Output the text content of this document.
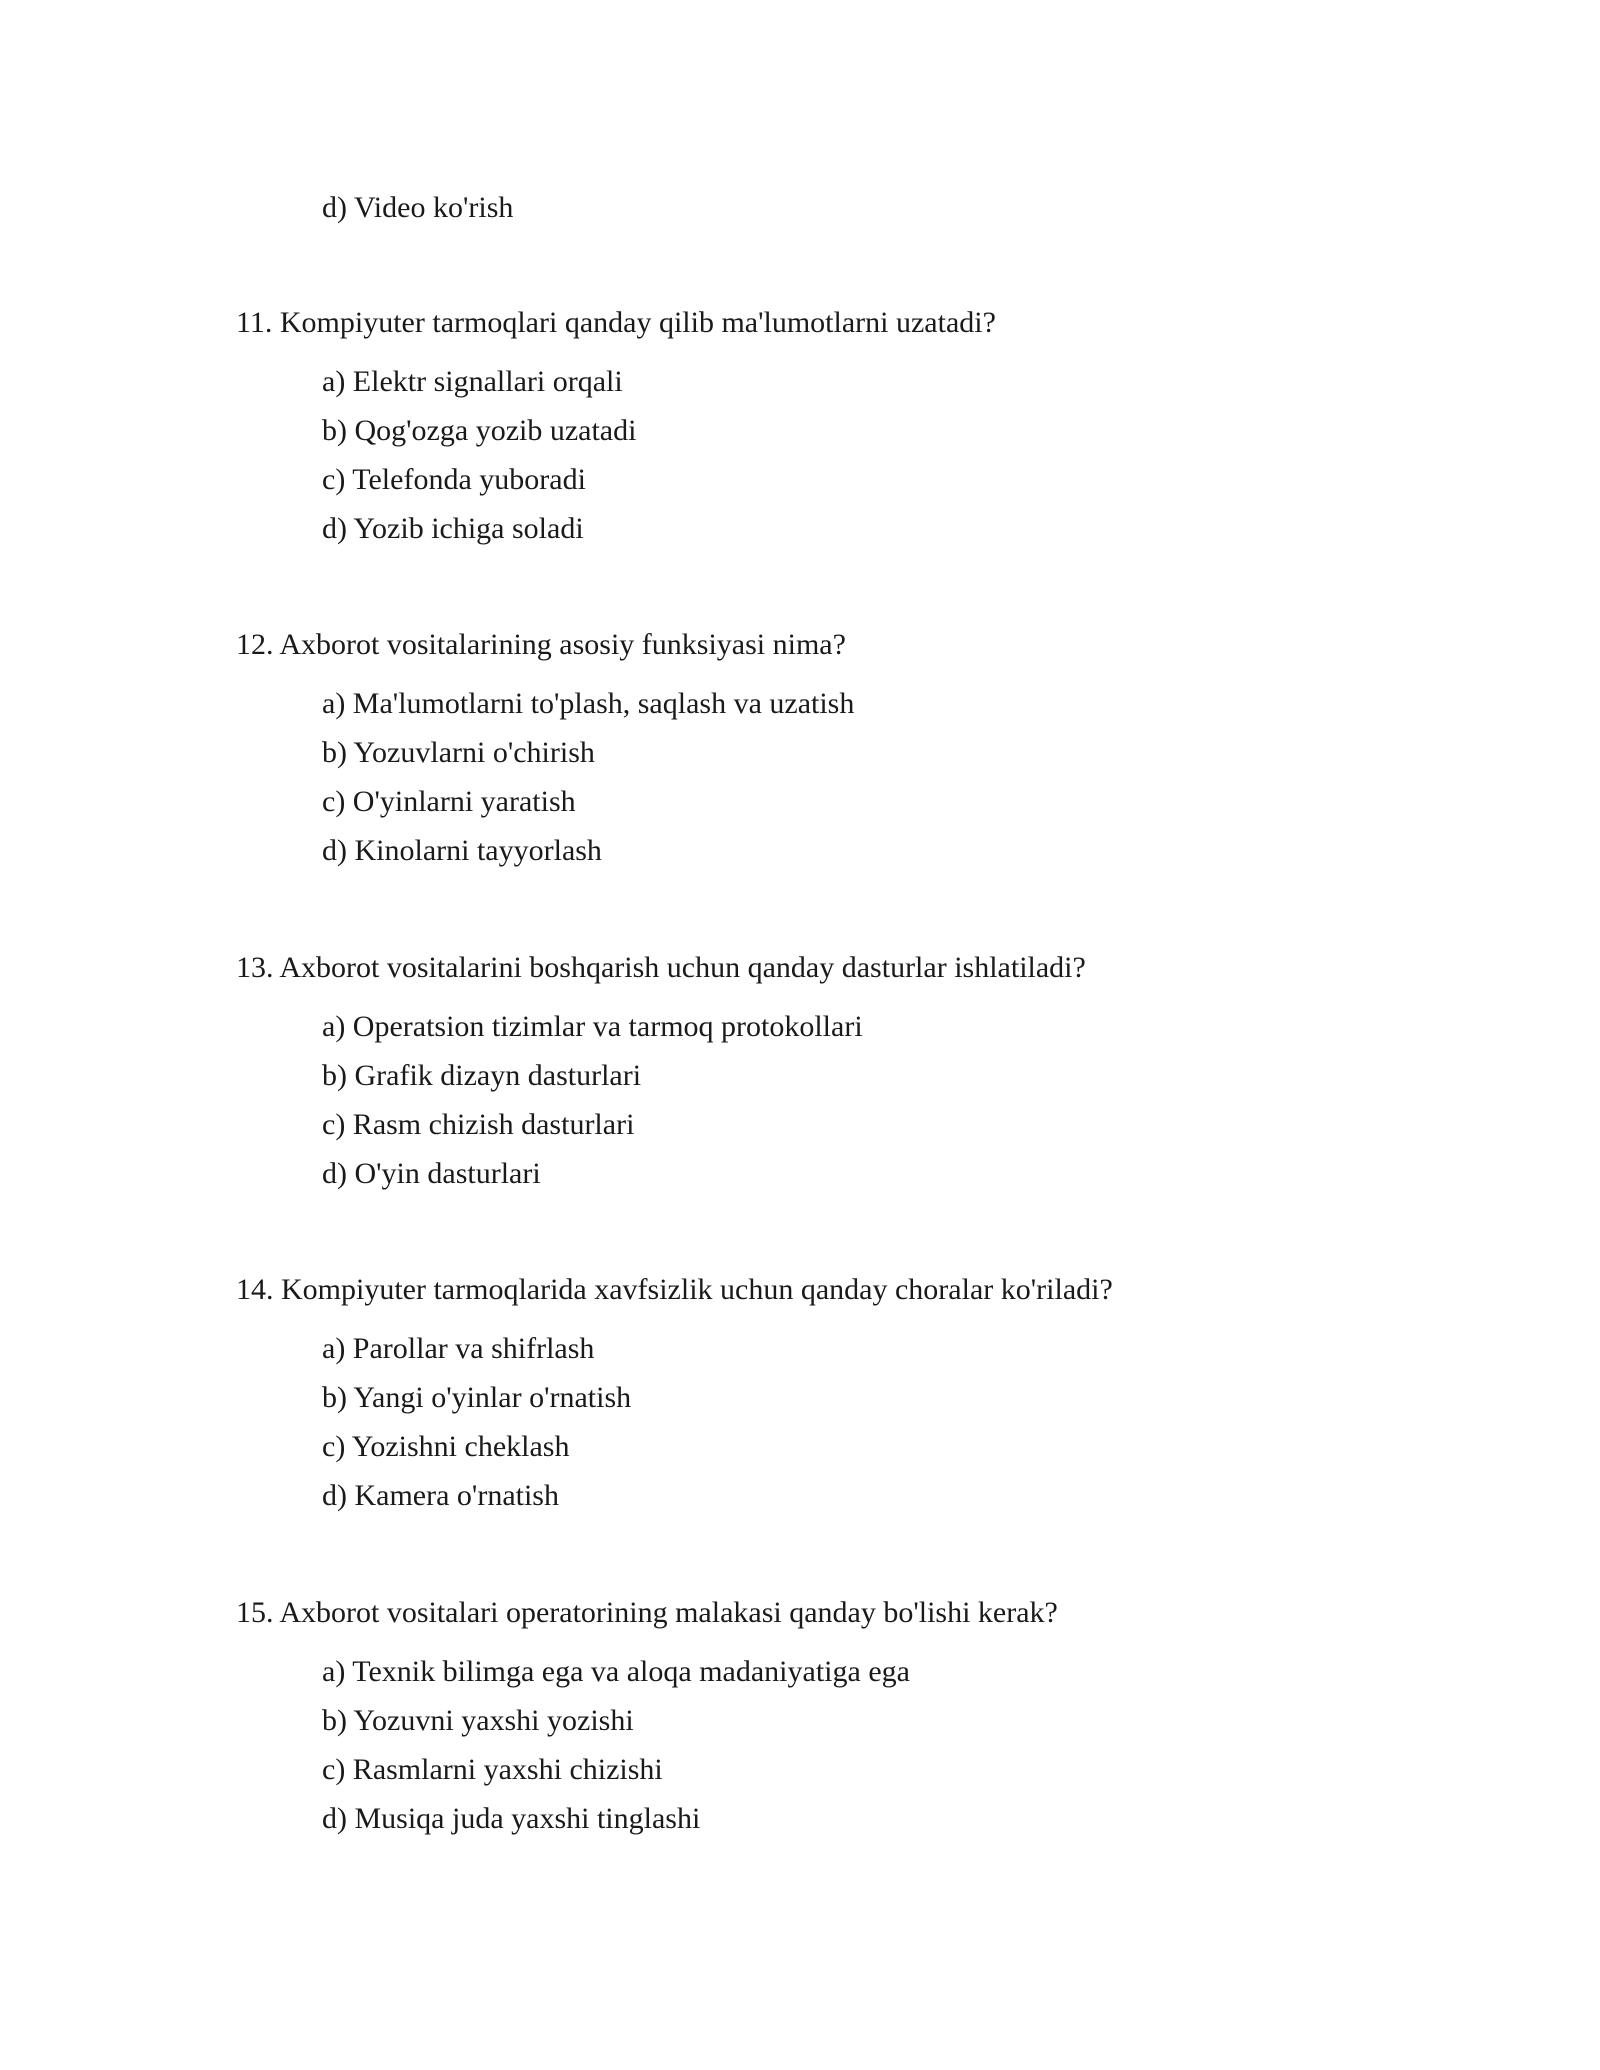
d) Video ko'rish
11. Kompiyuter tarmoqlari qanday qilib ma'lumotlarni uzatadi?
a) Elektr signallari orqali
b) Qog'ozga yozib uzatadi
c) Telefonda yuboradi
d) Yozib ichiga soladi
12. Axborot vositalarining asosiy funksiyasi nima?
a) Ma'lumotlarni to'plash, saqlash va uzatish
b) Yozuvlarni o'chirish
c) O'yinlarni yaratish
d) Kinolarni tayyorlash
13. Axborot vositalarini boshqarish uchun qanday dasturlar ishlatiladi?
a) Operatsion tizimlar va tarmoq protokollari
b) Grafik dizayn dasturlari
c) Rasm chizish dasturlari
d) O'yin dasturlari
14. Kompiyuter tarmoqlarida xavfsizlik uchun qanday choralar ko'riladi?
a) Parollar va shifrlash
b) Yangi o'yinlar o'rnatish
c) Yozishni cheklash
d) Kamera o'rnatish
15. Axborot vositalari operatorining malakasi qanday bo'lishi kerak?
a) Texnik bilimga ega va aloqa madaniyatiga ega
b) Yozuvni yaxshi yozishi
c) Rasmlarni yaxshi chizishi
d) Musiqa juda yaxshi tinglashi
